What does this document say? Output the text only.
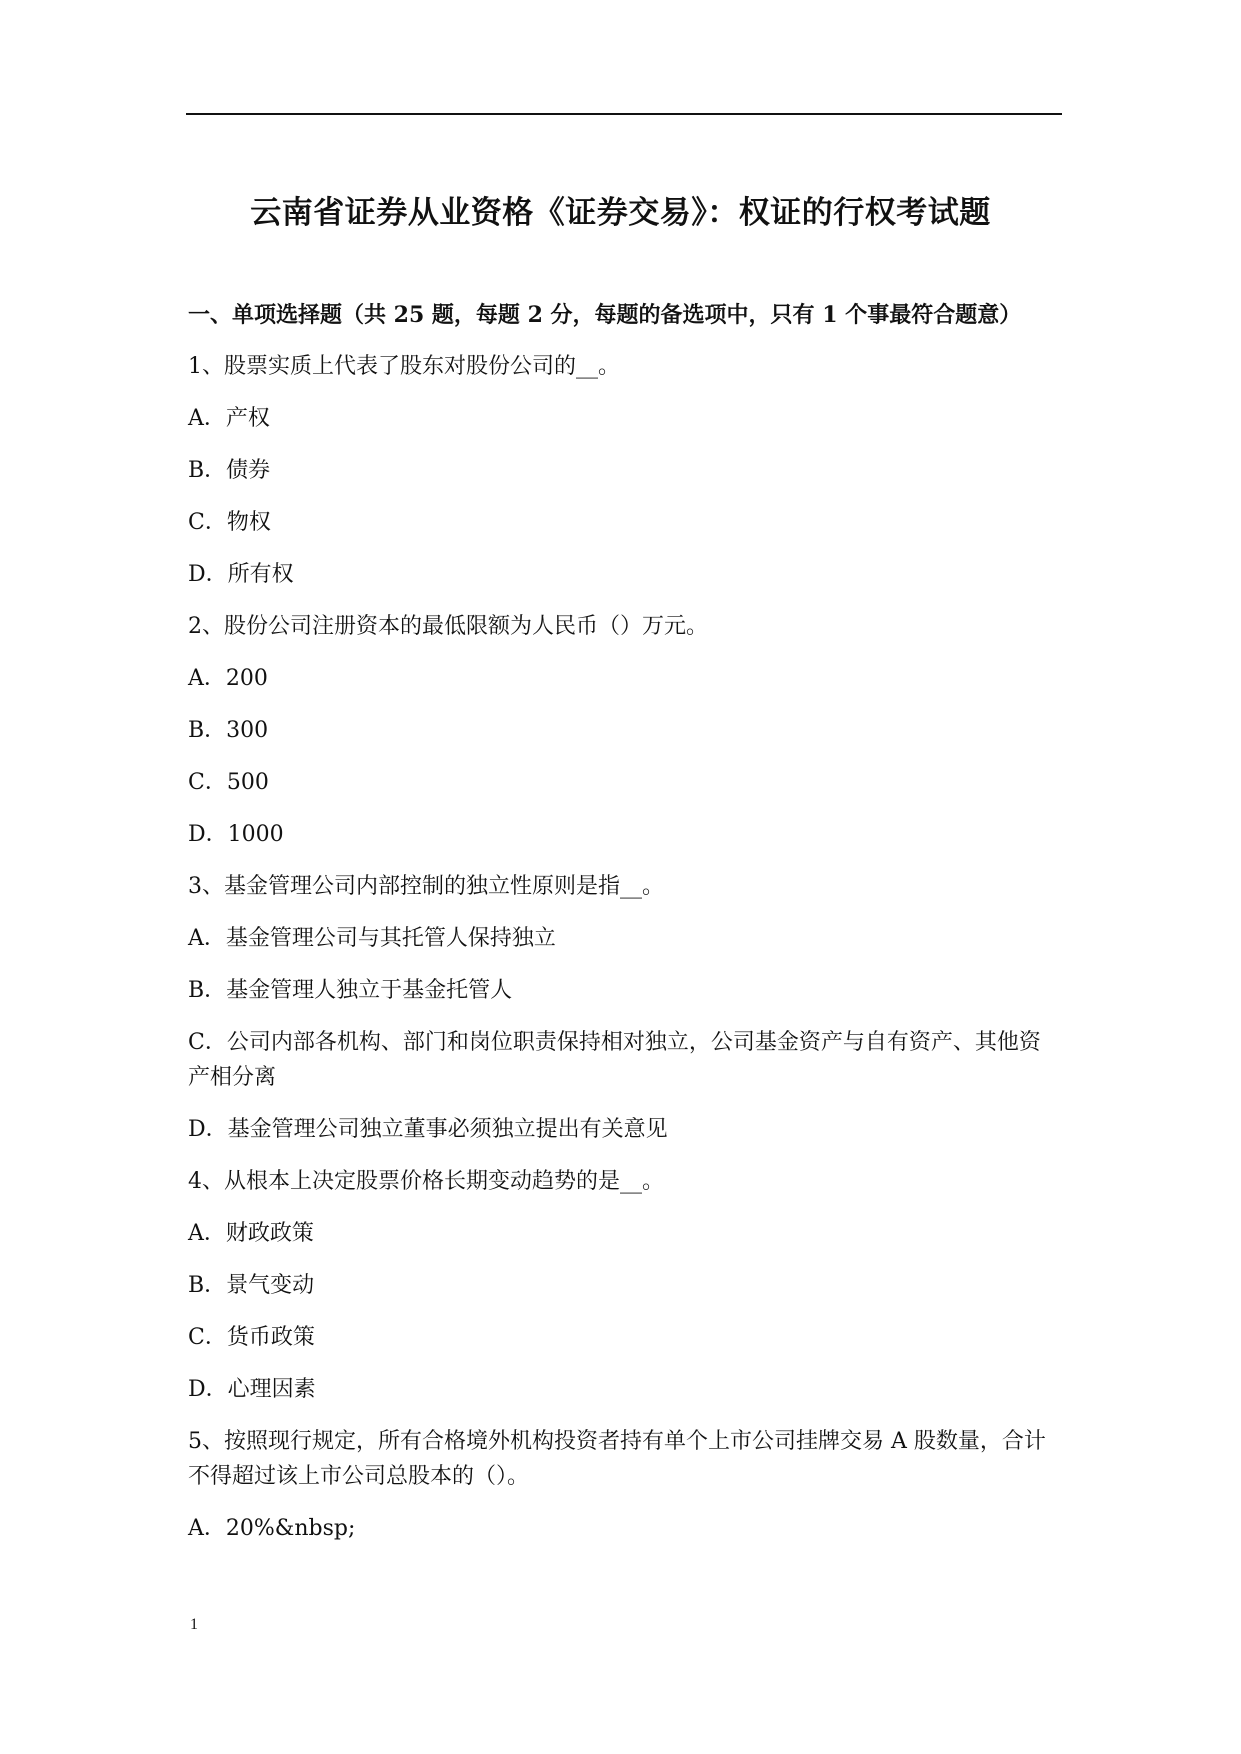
云南省证券从业资格《证券交易》：权证的行权考试题
一、单项选择题（共 25 题，每题 2 分，每题的备选项中，只有 1 个事最符合题意）
1、股票实质上代表了股东对股份公司的__。
A．产权
B．债券
C．物权
D．所有权
2、股份公司注册资本的最低限额为人民币（）万元。
A．200
B．300
C．500
D．1000
3、基金管理公司内部控制的独立性原则是指__。
A．基金管理公司与其托管人保持独立
B．基金管理人独立于基金托管人
C．公司内部各机构、部门和岗位职责保持相对独立，公司基金资产与自有资产、其他资产相分离
D．基金管理公司独立董事必须独立提出有关意见
4、从根本上决定股票价格长期变动趋势的是__。
A．财政政策
B．景气变动
C．货币政策
D．心理因素
5、按照现行规定，所有合格境外机构投资者持有单个上市公司挂牌交易 A 股数量，合计不得超过该上市公司总股本的（）。
A．20%&nbsp;
1
